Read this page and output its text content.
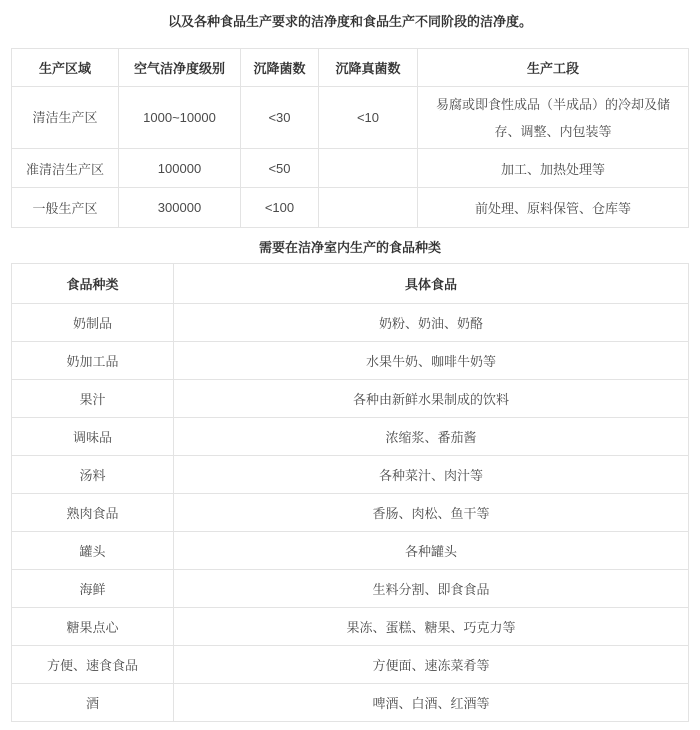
以及各种食品生产要求的洁净度和食品生产不同阶段的洁净度。

生产区域	空气洁净度级别	沉降菌数	沉降真菌数	生产工段
清洁生产区	1000~10000	<30	<10	易腐或即食性成品（半成品）的冷却及储存、调整、内包装等
准清洁生产区	100000	<50		加工、加热处理等
一般生产区	300000	<100		前处理、原料保管、仓库等

需要在洁净室内生产的食品种类

食品种类	具体食品
奶制品	奶粉、奶油、奶酪
奶加工品	水果牛奶、咖啡牛奶等
果汁	各种由新鲜水果制成的饮料
调味品	浓缩浆、番茄酱
汤料	各种菜汁、肉汁等
熟肉食品	香肠、肉松、鱼干等
罐头	各种罐头
海鲜	生料分割、即食食品
糖果点心	果冻、蛋糕、糖果、巧克力等
方便、速食食品	方便面、速冻菜肴等
酒	啤酒、白酒、红酒等
